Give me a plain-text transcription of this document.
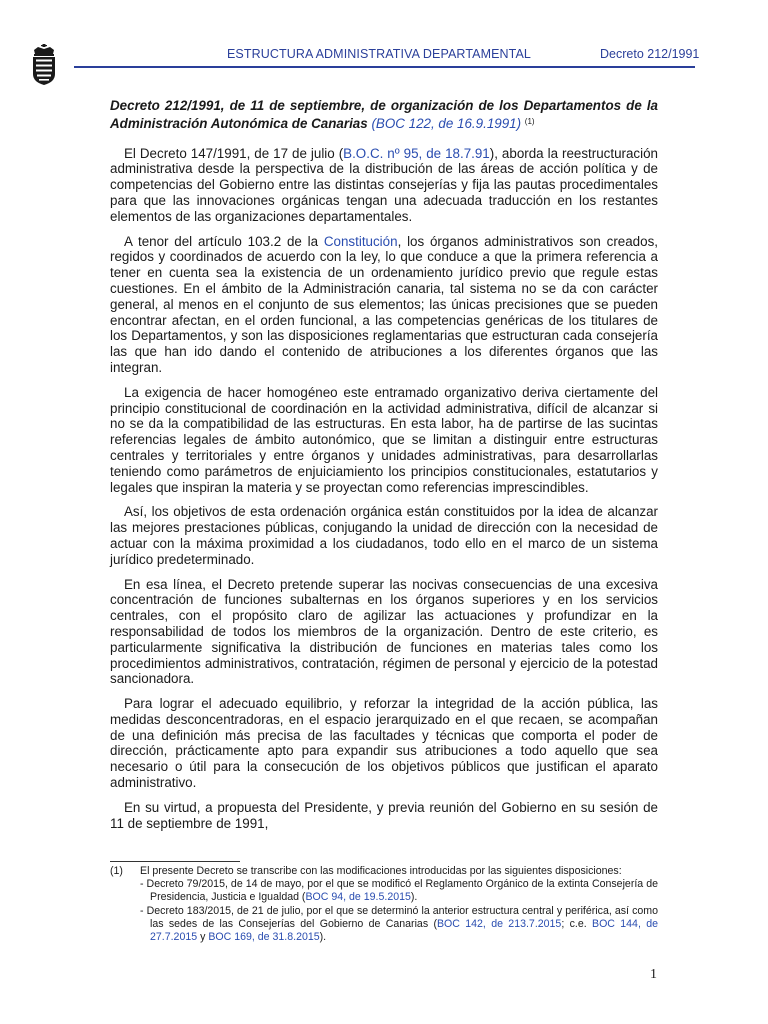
ESTRUCTURA ADMINISTRATIVA DEPARTAMENTAL	Decreto 212/1991
Decreto 212/1991, de 11 de septiembre, de organización de los Departamentos de la Administración Autonómica de Canarias (BOC 122, de 16.9.1991) $^{(1)}$

El Decreto 147/1991, de 17 de julio (B.O.C. nº 95, de 18.7.91), aborda la reestructuración administrativa desde la perspectiva de la distribución de las áreas de acción política y de competencias del Gobierno entre las distintas consejerías y fija las pautas procedimentales para que las innovaciones orgánicas tengan una adecuada traducción en los restantes elementos de las organizaciones departamentales.

A tenor del artículo 103.2 de la Constitución, los órganos administrativos son creados, regidos y coordinados de acuerdo con la ley, lo que conduce a que la primera referencia a tener en cuenta sea la existencia de un ordenamiento jurídico previo que regule estas cuestiones. En el ámbito de la Administración canaria, tal sistema no se da con carácter general, al menos en el conjunto de sus elementos; las únicas precisiones que se pueden encontrar afectan, en el orden funcional, a las competencias genéricas de los titulares de los Departamentos, y son las disposiciones reglamentarias que estructuran cada consejería las que han ido dando el contenido de atribuciones a los diferentes órganos que las integran.

La exigencia de hacer homogéneo este entramado organizativo deriva ciertamente del principio constitucional de coordinación en la actividad administrativa, difícil de alcanzar si no se da la compatibilidad de las estructuras. En esta labor, ha de partirse de las sucintas referencias legales de ámbito autonómico, que se limitan a distinguir entre estructuras centrales y territoriales y entre órganos y unidades administrativas, para desarrollarlas teniendo como parámetros de enjuiciamiento los principios constitucionales, estatutarios y legales que inspiran la materia y se proyectan como referencias imprescindibles.

Así, los objetivos de esta ordenación orgánica están constituidos por la idea de alcanzar las mejores prestaciones públicas, conjugando la unidad de dirección con la necesidad de actuar con la máxima proximidad a los ciudadanos, todo ello en el marco de un sistema jurídico predeterminado.

En esa línea, el Decreto pretende superar las nocivas consecuencias de una excesiva concentración de funciones subalternas en los órganos superiores y en los servicios centrales, con el propósito claro de agilizar las actuaciones y profundizar en la responsabilidad de todos los miembros de la organización. Dentro de este criterio, es particularmente significativa la distribución de funciones en materias tales como los procedimientos administrativos, contratación, régimen de personal y ejercicio de la potestad sancionadora.

Para lograr el adecuado equilibrio, y reforzar la integridad de la acción pública, las medidas desconcentradoras, en el espacio jerarquizado en el que recaen, se acompañan de una definición más precisa de las facultades y técnicas que comporta el poder de dirección, prácticamente apto para expandir sus atribuciones a todo aquello que sea necesario o útil para la consecución de los objetivos públicos que justifican el aparato administrativo.

En su virtud, a propuesta del Presidente, y previa reunión del Gobierno en su sesión de 11 de septiembre de 1991,

(1)	El presente Decreto se transcribe con las modificaciones introducidas por las siguientes disposiciones:
- Decreto 79/2015, de 14 de mayo, por el que se modificó el Reglamento Orgánico de la extinta Consejería de Presidencia, Justicia e Igualdad (BOC 94, de 19.5.2015).
- Decreto 183/2015, de 21 de julio, por el que se determinó la anterior estructura central y periférica, así como las sedes de las Consejerías del Gobierno de Canarias (BOC 142, de 213.7.2015; c.e. BOC 144, de 27.7.2015 y BOC 169, de 31.8.2015).
1
